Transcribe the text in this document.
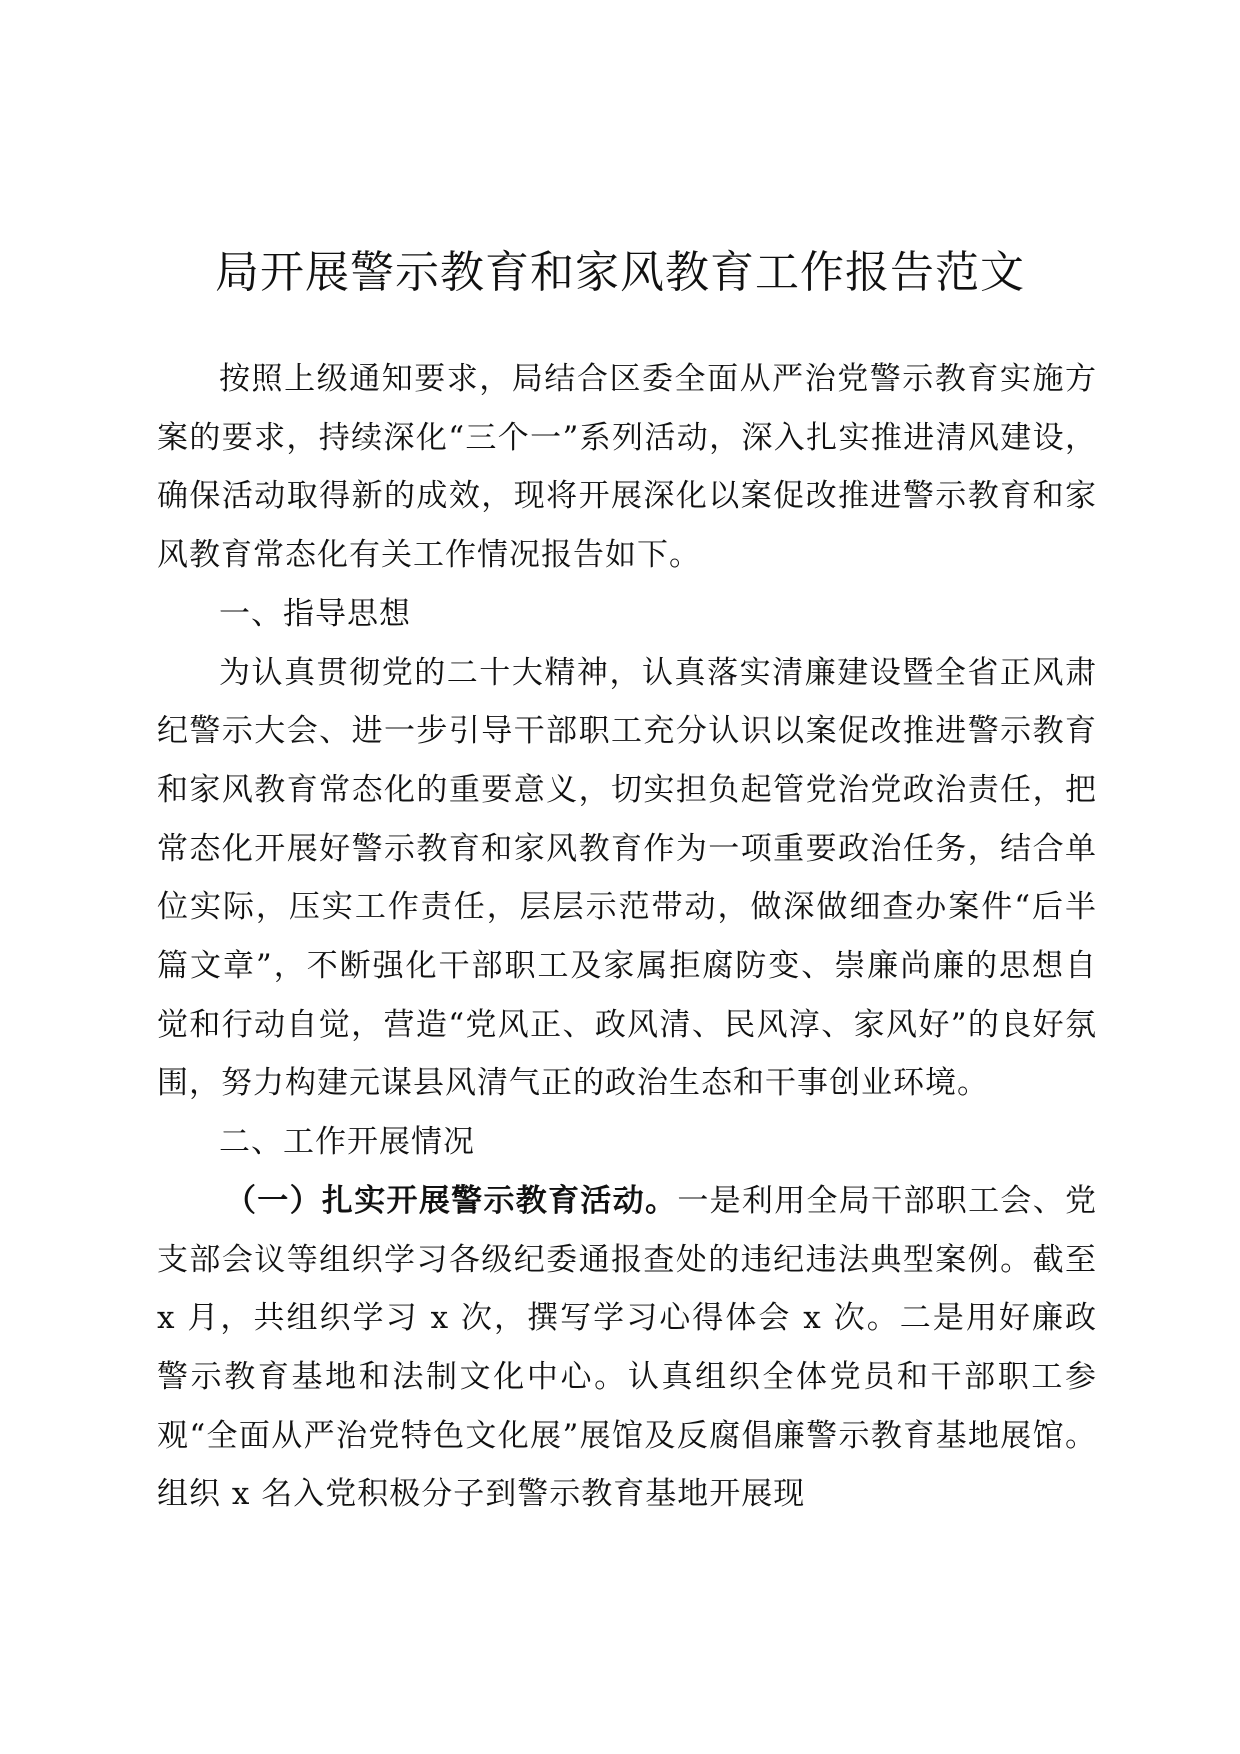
局开展警示教育和家风教育工作报告范文

按照上级通知要求，局结合区委全面从严治党警示教育实施方案的要求，持续深化“三个一”系列活动，深入扎实推进清风建设，确保活动取得新的成效，现将开展深化以案促改推进警示教育和家风教育常态化有关工作情况报告如下。

一、指导思想

为认真贯彻党的二十大精神，认真落实清廉建设暨全省正风肃纪警示大会、进一步引导干部职工充分认识以案促改推进警示教育和家风教育常态化的重要意义，切实担负起管党治党政治责任，把常态化开展好警示教育和家风教育作为一项重要政治任务，结合单位实际，压实工作责任，层层示范带动，做深做细查办案件“后半篇文章”，不断强化干部职工及家属拒腐防变、崇廉尚廉的思想自觉和行动自觉，营造“党风正、政风清、民风淳、家风好”的良好氛围，努力构建元谋县风清气正的政治生态和干事创业环境。

二、工作开展情况

（一）扎实开展警示教育活动。一是利用全局干部职工会、党支部会议等组织学习各级纪委通报查处的违纪违法典型案例。截至 x 月，共组织学习 x 次，撰写学习心得体会 x 次。二是用好廉政警示教育基地和法制文化中心。认真组织全体党员和干部职工参观“全面从严治党特色文化展”展馆及反腐倡廉警示教育基地展馆。组织 x 名入党积极分子到警示教育基地开展现
